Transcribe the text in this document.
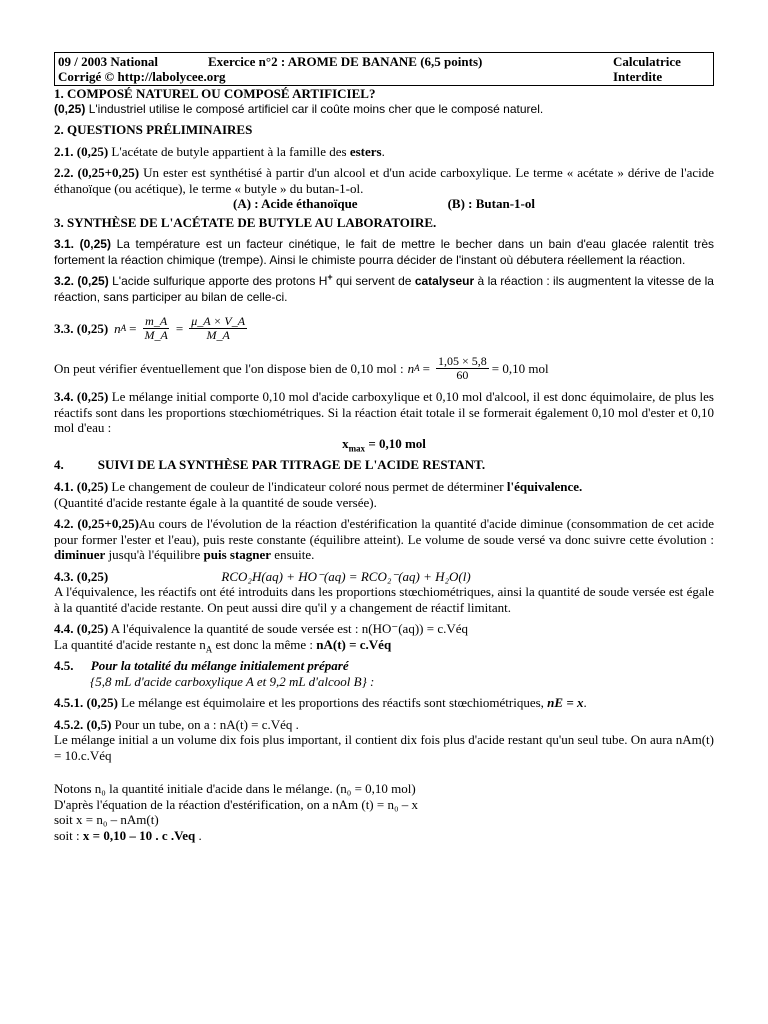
09 / 2003 National
Corrigé © http://labolycee.org
Exercice n°2 : AROME DE BANANE (6,5 points)	Calculatrice
Interdite

1. COMPOSÉ NATUREL OU COMPOSÉ ARTIFICIEL?

(0,25) L'industriel utilise le composé artificiel car il coûte moins cher que le composé naturel.

2. QUESTIONS PRÉLIMINAIRES

2.1. (0,25) L'acétate de butyle appartient à la famille des esters.

2.2. (0,25+0,25) Un ester est synthétisé à partir d'un alcool et d'un acide carboxylique. Le terme « acétate » dérive de l'acide éthanoïque (ou acétique), le terme « butyle » du butan-1-ol.

(A) : Acide éthanoïque	(B) : Butan-1-ol

3. SYNTHÈSE DE L'ACÉTATE DE BUTYLE AU LABORATOIRE.

3.1. (0,25) La température est un facteur cinétique, le fait de mettre le becher dans un bain d'eau glacée ralentit très fortement la réaction chimique (trempe). Ainsi le chimiste pourra décider de l'instant où débutera réellement la réaction.

3.2. (0,25) L'acide sulfurique apporte des protons H+ qui servent de catalyseur à la réaction : ils augmentent la vitesse de la réaction, sans participer au bilan de celle-ci.

3.3. (0,25) n $A = \frac{m\_A}{M\_A} = \frac{\mu\_A \times V\_A}{M\_A}$
On peut vérifier éventuellement que l'on dispose bien de 0,10 mol : n $A = \frac{1,05 \times 5,8}{60} = 0,10$ mol

3.4. (0,25) Le mélange initial comporte 0,10 mol d'acide carboxylique et 0,10 mol d'alcool, il est donc équimolaire, de plus les réactifs sont dans les proportions stœchiométriques. Si la réaction était totale il se formerait également 0,10 mol d'ester et 0,10 mol d'eau :

$x_{max} = 0,10$ mol

4.	SUIVI DE LA SYNTHÈSE PAR TITRAGE DE L'ACIDE RESTANT.

4.1. (0,25) Le changement de couleur de l'indicateur coloré nous permet de déterminer l'équivalence.
(Quantité d'acide restante égale à la quantité de soude versée).

4.2. (0,25+0,25)Au cours de l'évolution de la réaction d'estérification la quantité d'acide diminue (consommation de cet acide pour former l'ester et l'eau), puis reste constante (équilibre atteint). Le volume de soude versé va donc suivre cette évolution : diminuer jusqu'à l'équilibre puis stagner ensuite.

4.3. (0,25)	RCO₂H(aq) + HO⁻(aq) = RCO₂⁻(aq) + H₂O(l)

A l'équivalence, les réactifs ont été introduits dans les proportions stœchiométriques, ainsi la quantité de soude versée est égale à la quantité d'acide restante. On peut aussi dire qu'il y a changement de réactif limitant.

4.4. (0,25) A l'équivalence la quantité de soude versée est : n(HO⁻(aq)) = c.Véq
La quantité d'acide restante $n_A$ est donc la même : nA(t) = c.Véq

4.5. Pour la totalité du mélange initialement préparé
{5,8 mL d'acide carboxylique A et 9,2 mL d'alcool B} :

4.5.1. (0,25) Le mélange est équimolaire et les proportions des réactifs sont stœchiométriques, nE = x.

4.5.2. (0,5) Pour un tube, on a : nA(t) = c.Véq .
Le mélange initial a un volume dix fois plus important, il contient dix fois plus d'acide restant qu'un seul tube. On aura nAm(t) = 10.c.Véq

Notons n₀ la quantité initiale d'acide dans le mélange. (n₀ = 0,10 mol)

D'après l'équation de la réaction d'estérification, on a nAm (t) = n₀ – x

soit x = n₀ – nAm(t)

soit : x = 0,10 – 10 . c .Veq .
